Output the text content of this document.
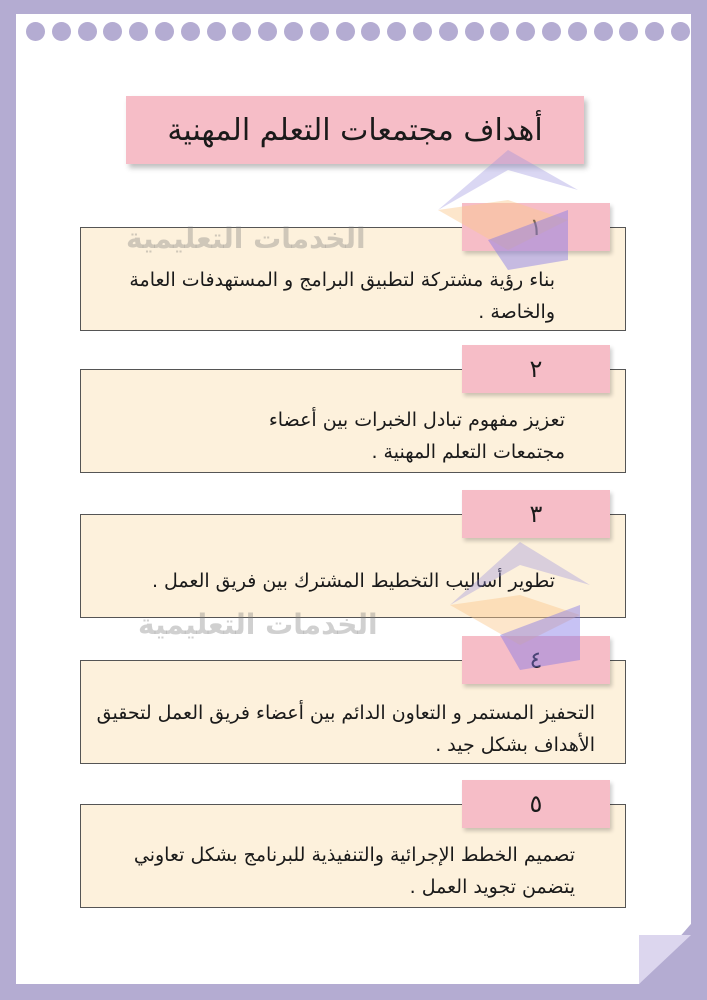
أهداف مجتمعات التعلم المهنية
بناء رؤية مشتركة لتطبيق البرامج و المستهدفات العامة والخاصة .
تعزيز مفهوم تبادل الخبرات بين أعضاء مجتمعات التعلم المهنية .
٢
تطوير أساليب التخطيط المشترك بين فريق العمل .
٣
التحفيز المستمر و التعاون الدائم بين أعضاء فريق العمل لتحقيق الأهداف بشكل جيد .
تصميم الخطط الإجرائية والتنفيذية للبرنامج بشكل تعاوني يتضمن تجويد العمل .
٥
الخدمات التعليمية
الخدمات التعليمية
